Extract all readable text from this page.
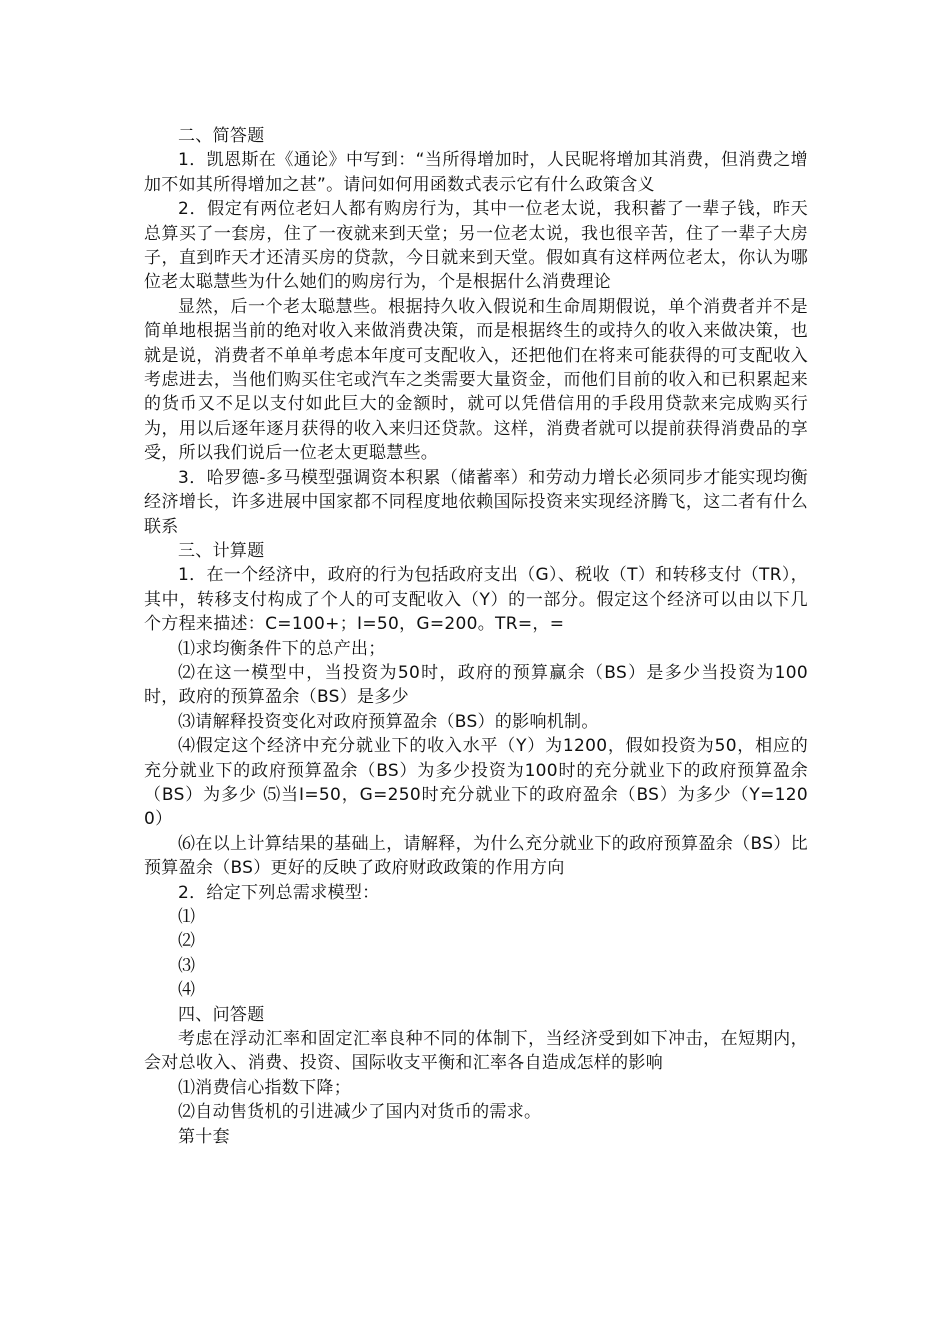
二、简答题

1．凯恩斯在《通论》中写到：“当所得增加时，人民昵将增加其消费，但消费之增加不如其所得增加之甚”。请问如何用函数式表示它有什么政策含义

2．假定有两位老妇人都有购房行为，其中一位老太说，我积蓄了一辈子钱，昨天总算买了一套房，住了一夜就来到天堂；另一位老太说，我也很辛苦，住了一辈子大房子，直到昨天才还清买房的贷款，今日就来到天堂。假如真有这样两位老太，你认为哪位老太聪慧些为什么她们的购房行为，个是根据什么消费理论

显然，后一个老太聪慧些。根据持久收入假说和生命周期假说，单个消费者并不是简单地根据当前的绝对收入来做消费决策，而是根据终生的或持久的收入来做决策，也就是说，消费者不单单考虑本年度可支配收入，还把他们在将来可能获得的可支配收入考虑进去，当他们购买住宅或汽车之类需要大量资金，而他们目前的收入和已积累起来的货币又不足以支付如此巨大的金额时，就可以凭借信用的手段用贷款来完成购买行为，用以后逐年逐月获得的收入来归还贷款。这样，消费者就可以提前获得消费品的享受，所以我们说后一位老太更聪慧些。

3．哈罗德-多马模型强调资本积累（储蓄率）和劳动力增长必须同步才能实现均衡经济增长，许多进展中国家都不同程度地依赖国际投资来实现经济腾飞，这二者有什么联系

三、计算题

1．在一个经济中，政府的行为包括政府支出（G）、税收（T）和转移支付（TR），其中，转移支付构成了个人的可支配收入（Y）的一部分。假定这个经济可以由以下几个方程来描述：C=100+；I=50，G=200。TR=，=

⑴求均衡条件下的总产出；

⑵在这一模型中，当投资为50时，政府的预算赢余（BS）是多少当投资为100时，政府的预算盈余（BS）是多少

⑶请解释投资变化对政府预算盈余（BS）的影响机制。

⑷假定这个经济中充分就业下的收入水平（Y）为1200，假如投资为50，相应的充分就业下的政府预算盈余（BS）为多少投资为100时的充分就业下的政府预算盈余（BS）为多少 ⑸当I=50，G=250时充分就业下的政府盈余（BS）为多少（Y=1200）

⑹在以上计算结果的基础上，请解释，为什么充分就业下的政府预算盈余（BS）比预算盈余（BS）更好的反映了政府财政政策的作用方向

2．给定下列总需求模型：

⑴

⑵

⑶

⑷

四、问答题

考虑在浮动汇率和固定汇率良种不同的体制下，当经济受到如下冲击，在短期内，会对总收入、消费、投资、国际收支平衡和汇率各自造成怎样的影响

⑴消费信心指数下降；

⑵自动售货机的引进减少了国内对货币的需求。

第十套
